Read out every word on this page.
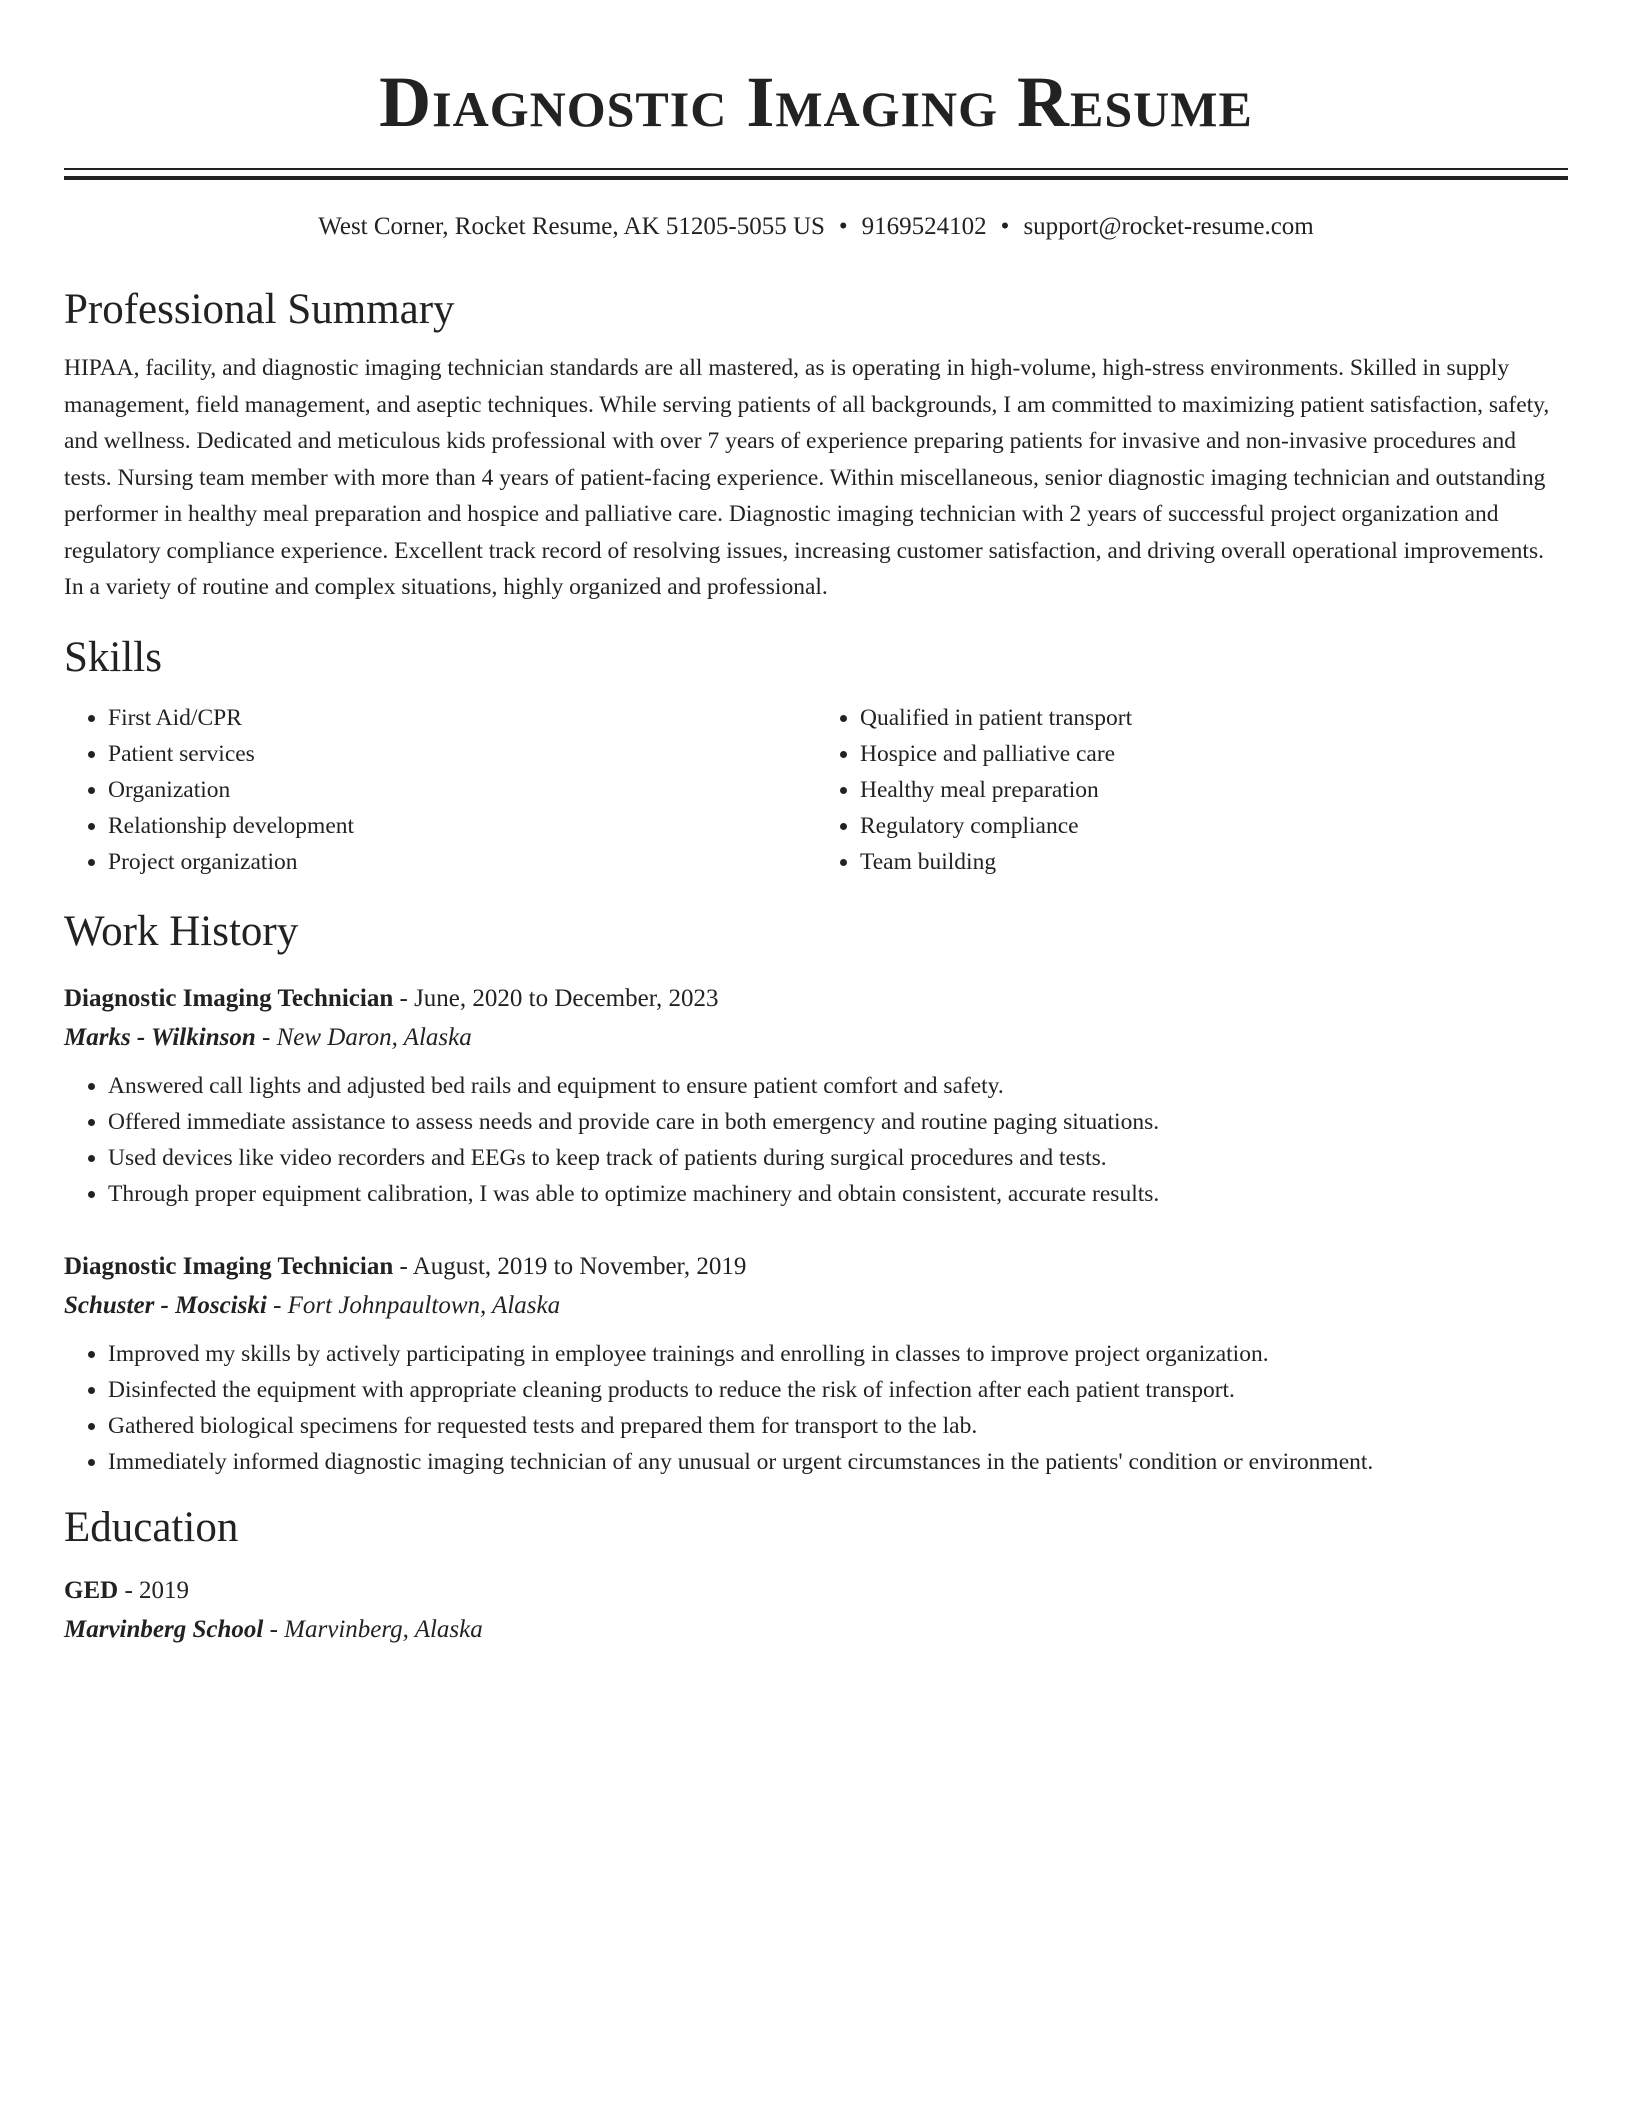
Diagnostic Imaging Resume
West Corner, Rocket Resume, AK 51205-5055 US • 9169524102 • support@rocket-resume.com
Professional Summary

HIPAA, facility, and diagnostic imaging technician standards are all mastered, as is operating in high-volume, high-stress environments. Skilled in supply management, field management, and aseptic techniques. While serving patients of all backgrounds, I am committed to maximizing patient satisfaction, safety, and wellness. Dedicated and meticulous kids professional with over 7 years of experience preparing patients for invasive and non-invasive procedures and tests. Nursing team member with more than 4 years of patient-facing experience. Within miscellaneous, senior diagnostic imaging technician and outstanding performer in healthy meal preparation and hospice and palliative care. Diagnostic imaging technician with 2 years of successful project organization and regulatory compliance experience. Excellent track record of resolving issues, increasing customer satisfaction, and driving overall operational improvements. In a variety of routine and complex situations, highly organized and professional.

Skills
• First Aid/CPR
• Patient services
• Organization
• Relationship development
• Project organization
• Qualified in patient transport
• Hospice and palliative care
• Healthy meal preparation
• Regulatory compliance
• Team building
Work History
Diagnostic Imaging Technician - June, 2020 to December, 2023
Marks - Wilkinson - New Daron, Alaska
• Answered call lights and adjusted bed rails and equipment to ensure patient comfort and safety.
• Offered immediate assistance to assess needs and provide care in both emergency and routine paging situations.
• Used devices like video recorders and EEGs to keep track of patients during surgical procedures and tests.
• Through proper equipment calibration, I was able to optimize machinery and obtain consistent, accurate results.
Diagnostic Imaging Technician - August, 2019 to November, 2019
Schuster - Mosciski - Fort Johnpaultown, Alaska
• Improved my skills by actively participating in employee trainings and enrolling in classes to improve project organization.
• Disinfected the equipment with appropriate cleaning products to reduce the risk of infection after each patient transport.
• Gathered biological specimens for requested tests and prepared them for transport to the lab.
• Immediately informed diagnostic imaging technician of any unusual or urgent circumstances in the patients' condition or environment.
Education
GED - 2019
Marvinberg School - Marvinberg, Alaska
